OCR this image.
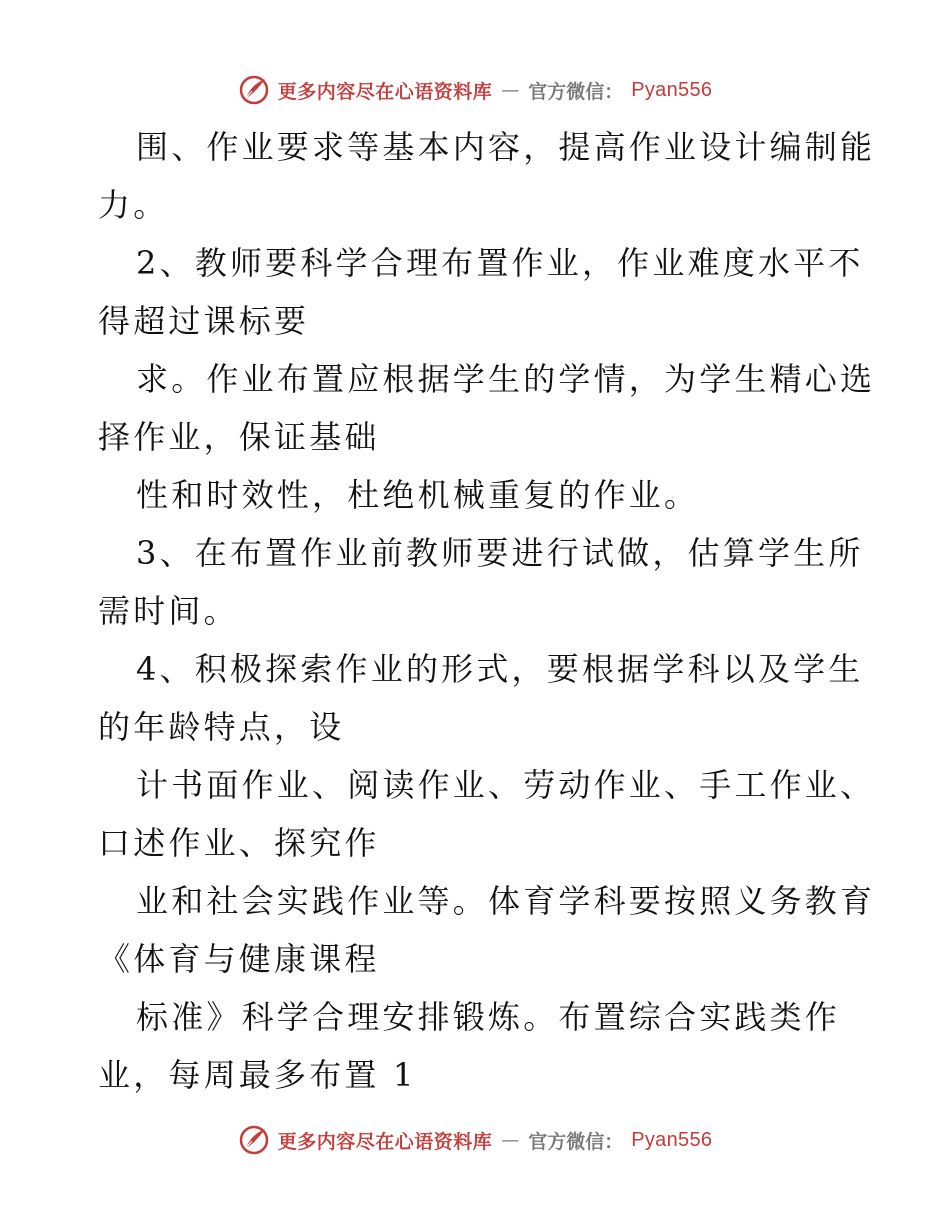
更多内容尽在心语资料库 — 官方微信： Pyan556
围、作业要求等基本内容，提高作业设计编制能
力。
2、教师要科学合理布置作业，作业难度水平不
得超过课标要
求。作业布置应根据学生的学情，为学生精心选
择作业，保证基础
性和时效性，杜绝机械重复的作业。
3、在布置作业前教师要进行试做，估算学生所
需时间。
4、积极探索作业的形式，要根据学科以及学生
的年龄特点，设
计书面作业、阅读作业、劳动作业、手工作业、
口述作业、探究作
业和社会实践作业等。体育学科要按照义务教育
《体育与健康课程
标准》科学合理安排锻炼。布置综合实践类作
业，每周最多布置 1
更多内容尽在心语资料库 — 官方微信： Pyan556
